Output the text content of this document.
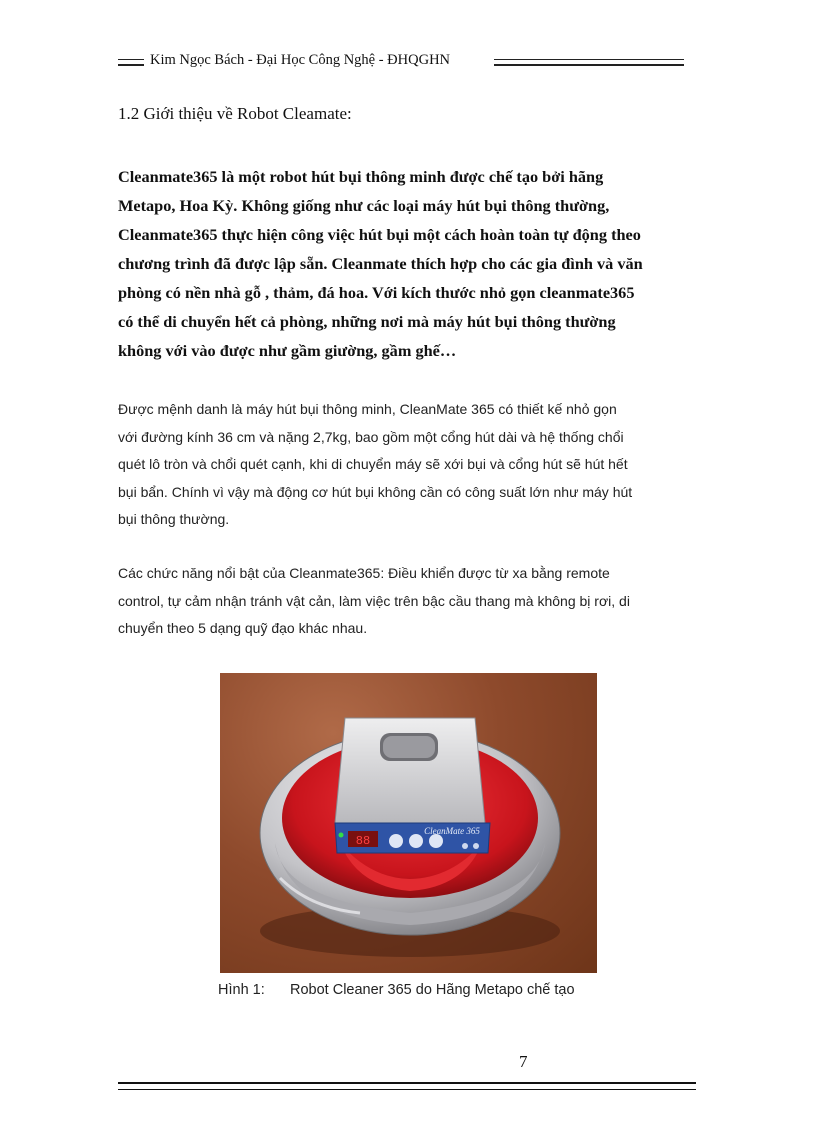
Kim Ngọc Bách - Đại Học Công Nghệ - ĐHQGHN
1.2 Giới thiệu về Robot Cleamate:
Cleanmate365 là một robot hút bụi thông minh được chế tạo bởi hãng
Metapo, Hoa Kỳ. Không giống như các loại máy hút bụi thông thường,
Cleanmate365 thực hiện công việc hút bụi một cách hoàn toàn tự động theo
chương trình đã được lập sẵn. Cleanmate thích hợp cho các gia đình và văn
phòng có nền nhà gỗ , thảm, đá hoa. Với kích thước nhỏ gọn cleanmate365
có thể di chuyển hết cả phòng, những nơi mà máy hút bụi thông thường
không với vào được như gầm giường, gầm ghế…
Được mệnh danh là máy hút bụi thông minh, CleanMate 365 có thiết kế nhỏ gọn
với đường kính 36 cm và nặng 2,7kg, bao gồm một cổng hút dài và hệ thống chổi
quét lô tròn và chổi quét cạnh, khi di chuyển máy sẽ xới bụi và cổng hút sẽ hút hết
bụi bẩn. Chính vì vậy mà động cơ hút bụi không cần có công suất lớn như máy hút
bụi thông thường.
Các chức năng nổi bật của Cleanmate365: Điều khiển được từ xa bằng remote
control, tự cảm nhận tránh vật cản, làm việc trên bậc cầu thang mà không bị rơi, di
chuyển theo 5 dạng quỹ đạo khác nhau.
88
CleanMate 365
Hình 1: Robot Cleaner 365 do Hãng Metapo chế tạo
7
